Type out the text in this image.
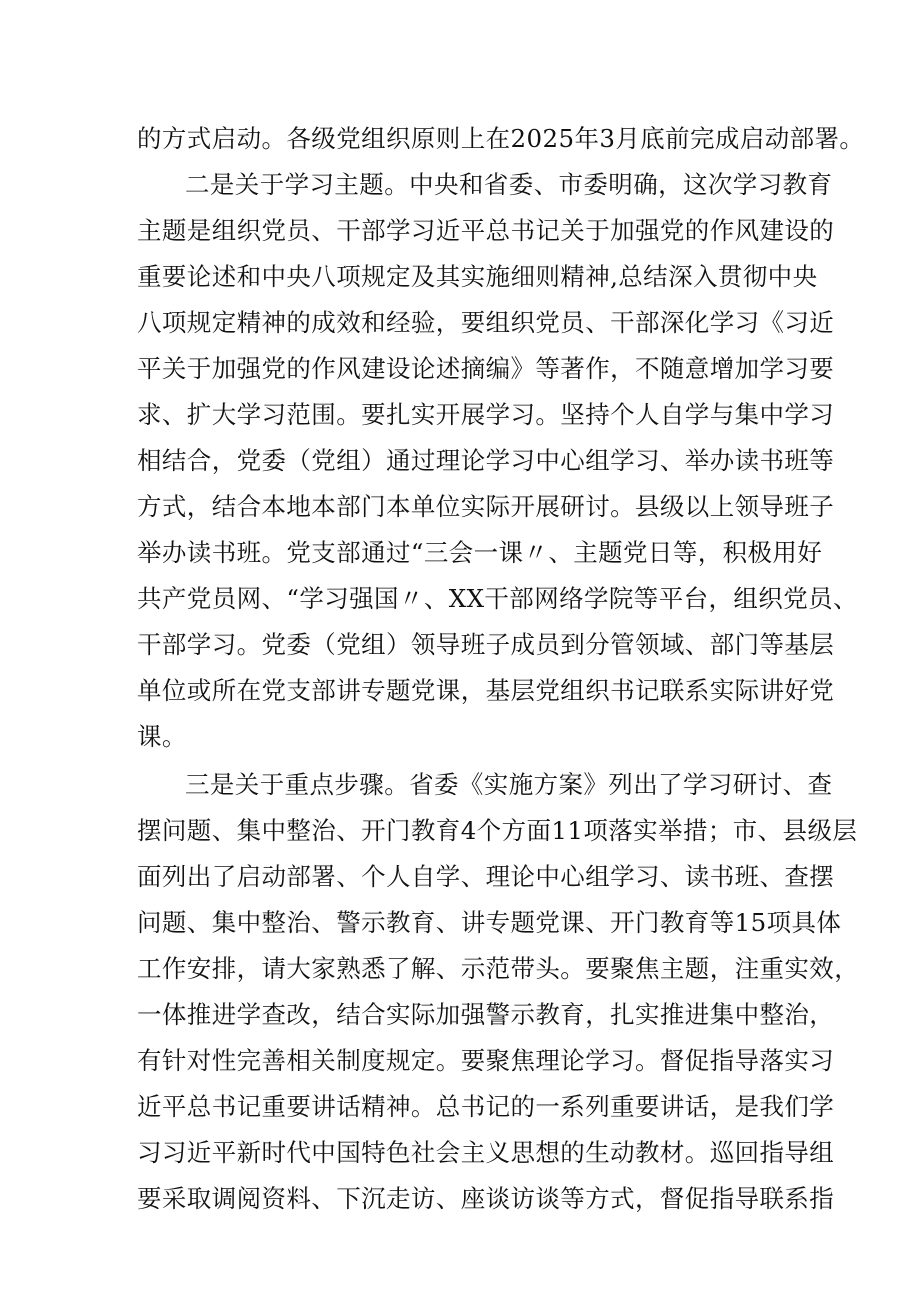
的方式启动。各级党组织原则上在2025年3月底前完成启动部署。
二是关于学习主题。中央和省委、市委明确，这次学习教育
主题是组织党员、干部学习近平总书记关于加强党的作风建设的
重要论述和中央八项规定及其实施细则精神,总结深入贯彻中央
八项规定精神的成效和经验，要组织党员、干部深化学习《习近
平关于加强党的作风建设论述摘编》等著作，不随意增加学习要
求、扩大学习范围。要扎实开展学习。坚持个人自学与集中学习
相结合，党委（党组）通过理论学习中心组学习、举办读书班等
方式，结合本地本部门本单位实际开展研讨。县级以上领导班子
举办读书班。党支部通过“三会一课〃、主题党日等，积极用好
共产党员网、“学习强国〃、XX干部网络学院等平台，组织党员、
干部学习。党委（党组）领导班子成员到分管领域、部门等基层
单位或所在党支部讲专题党课，基层党组织书记联系实际讲好党
课。
三是关于重点步骤。省委《实施方案》列出了学习研讨、查
摆问题、集中整治、开门教育4个方面11项落实举措；市、县级层
面列出了启动部署、个人自学、理论中心组学习、读书班、查摆
问题、集中整治、警示教育、讲专题党课、开门教育等15项具体
工作安排，请大家熟悉了解、示范带头。要聚焦主题，注重实效，
一体推进学查改，结合实际加强警示教育，扎实推进集中整治，
有针对性完善相关制度规定。要聚焦理论学习。督促指导落实习
近平总书记重要讲话精神。总书记的一系列重要讲话，是我们学
习习近平新时代中国特色社会主义思想的生动教材。巡回指导组
要采取调阅资料、下沉走访、座谈访谈等方式，督促指导联系指
